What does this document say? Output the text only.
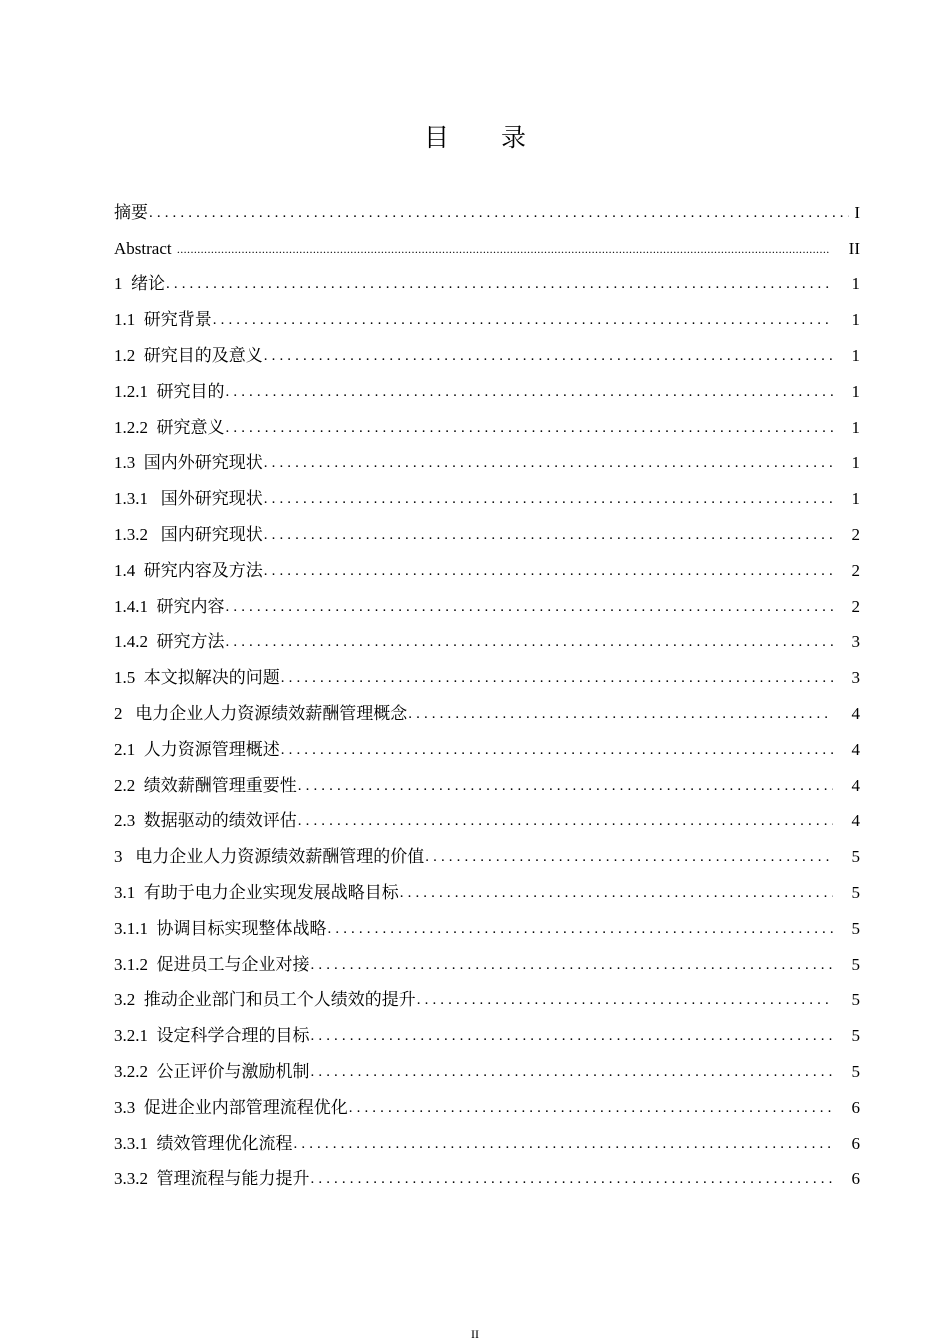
目 录
摘要 .....	I
Abstract .....	II
1  绪论 .....	1
1.1  研究背景 .....	1
1.2  研究目的及意义 .....	1
1.2.1  研究目的 .....	1
1.2.2  研究意义 .....	1
1.3  国内外研究现状 .....	1
1.3.1   国外研究现状 .....	1
1.3.2   国内研究现状 .....	2
1.4  研究内容及方法 .....	2
1.4.1  研究内容 .....	2
1.4.2  研究方法 .....	3
1.5  本文拟解决的问题 .....	3
2   电力企业人力资源绩效薪酬管理概念 .....	4
2.1  人力资源管理概述 .....	4
2.2  绩效薪酬管理重要性 .....	4
2.3  数据驱动的绩效评估 .....	4
3   电力企业人力资源绩效薪酬管理的价值 .....	5
3.1  有助于电力企业实现发展战略目标 .....	5
3.1.1  协调目标实现整体战略 .....	5
3.1.2  促进员工与企业对接 .....	5
3.2  推动企业部门和员工个人绩效的提升 .....	5
3.2.1  设定科学合理的目标 .....	5
3.2.2  公正评价与激励机制 .....	5
3.3  促进企业内部管理流程优化 .....	6
3.3.1  绩效管理优化流程 .....	6
3.3.2  管理流程与能力提升 .....	6
II
